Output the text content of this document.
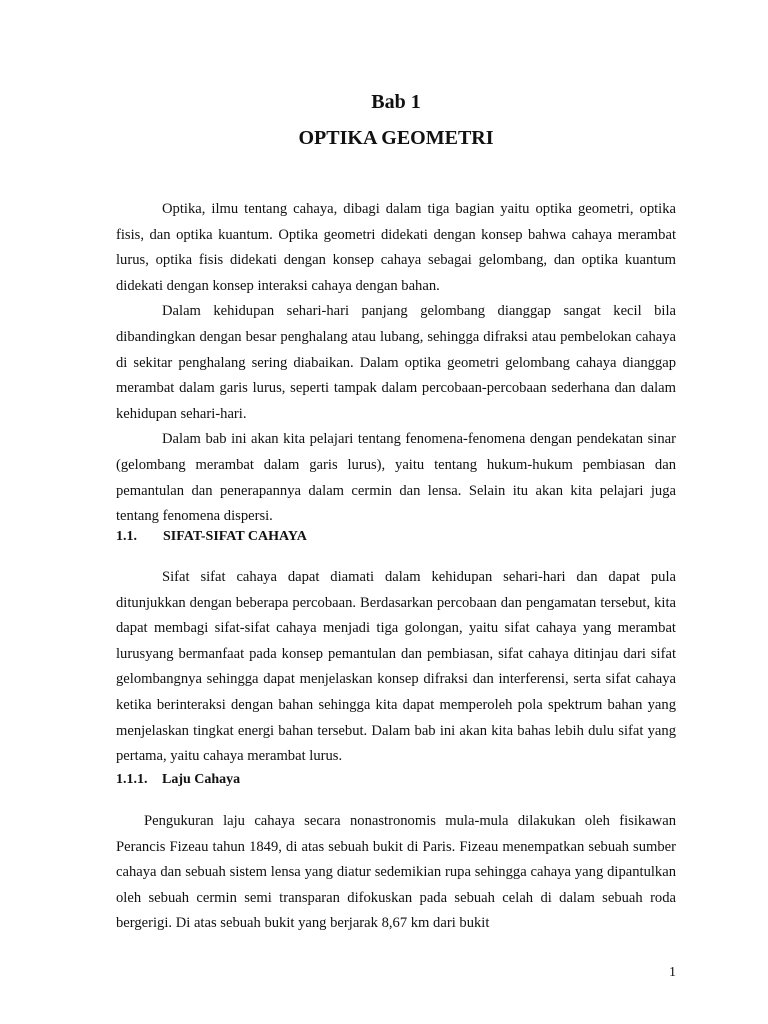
Bab 1
OPTIKA GEOMETRI

Optika, ilmu tentang cahaya, dibagi dalam tiga bagian yaitu optika geometri, optika fisis, dan optika kuantum. Optika geometri didekati dengan konsep bahwa cahaya merambat lurus, optika fisis didekati dengan konsep cahaya sebagai gelombang, dan optika kuantum didekati dengan konsep interaksi cahaya dengan bahan.

Dalam kehidupan sehari-hari panjang gelombang dianggap sangat kecil bila dibandingkan dengan besar penghalang atau lubang, sehingga difraksi atau pembelokan cahaya di sekitar penghalang sering diabaikan. Dalam optika geometri gelombang cahaya dianggap merambat dalam garis lurus, seperti tampak dalam percobaan-percobaan sederhana dan dalam kehidupan sehari-hari.

Dalam bab ini akan kita pelajari tentang fenomena-fenomena dengan pendekatan sinar (gelombang merambat dalam garis lurus), yaitu tentang hukum-hukum pembiasan dan pemantulan dan penerapannya dalam cermin dan lensa. Selain itu akan kita pelajari juga tentang fenomena dispersi.

1.1. SIFAT-SIFAT CAHAYA

Sifat sifat cahaya dapat diamati dalam kehidupan sehari-hari dan dapat pula ditunjukkan dengan beberapa percobaan. Berdasarkan percobaan dan pengamatan tersebut, kita dapat membagi sifat-sifat cahaya menjadi tiga golongan, yaitu sifat cahaya yang merambat lurusyang bermanfaat pada konsep pemantulan dan pembiasan, sifat cahaya ditinjau dari sifat gelombangnya sehingga dapat menjelaskan konsep difraksi dan interferensi, serta sifat cahaya ketika berinteraksi dengan bahan sehingga kita dapat memperoleh pola spektrum bahan yang menjelaskan tingkat energi bahan tersebut. Dalam bab ini akan kita bahas lebih dulu sifat yang pertama, yaitu cahaya merambat lurus.

1.1.1. Laju Cahaya

Pengukuran laju cahaya secara nonastronomis mula-mula dilakukan oleh fisikawan Perancis Fizeau tahun 1849, di atas sebuah bukit di Paris. Fizeau menempatkan sebuah sumber cahaya dan sebuah sistem lensa yang diatur sedemikian rupa sehingga cahaya yang dipantulkan oleh sebuah cermin semi transparan difokuskan pada sebuah celah di dalam sebuah roda bergerigi. Di atas sebuah bukit yang berjarak 8,67 km dari bukit

1
